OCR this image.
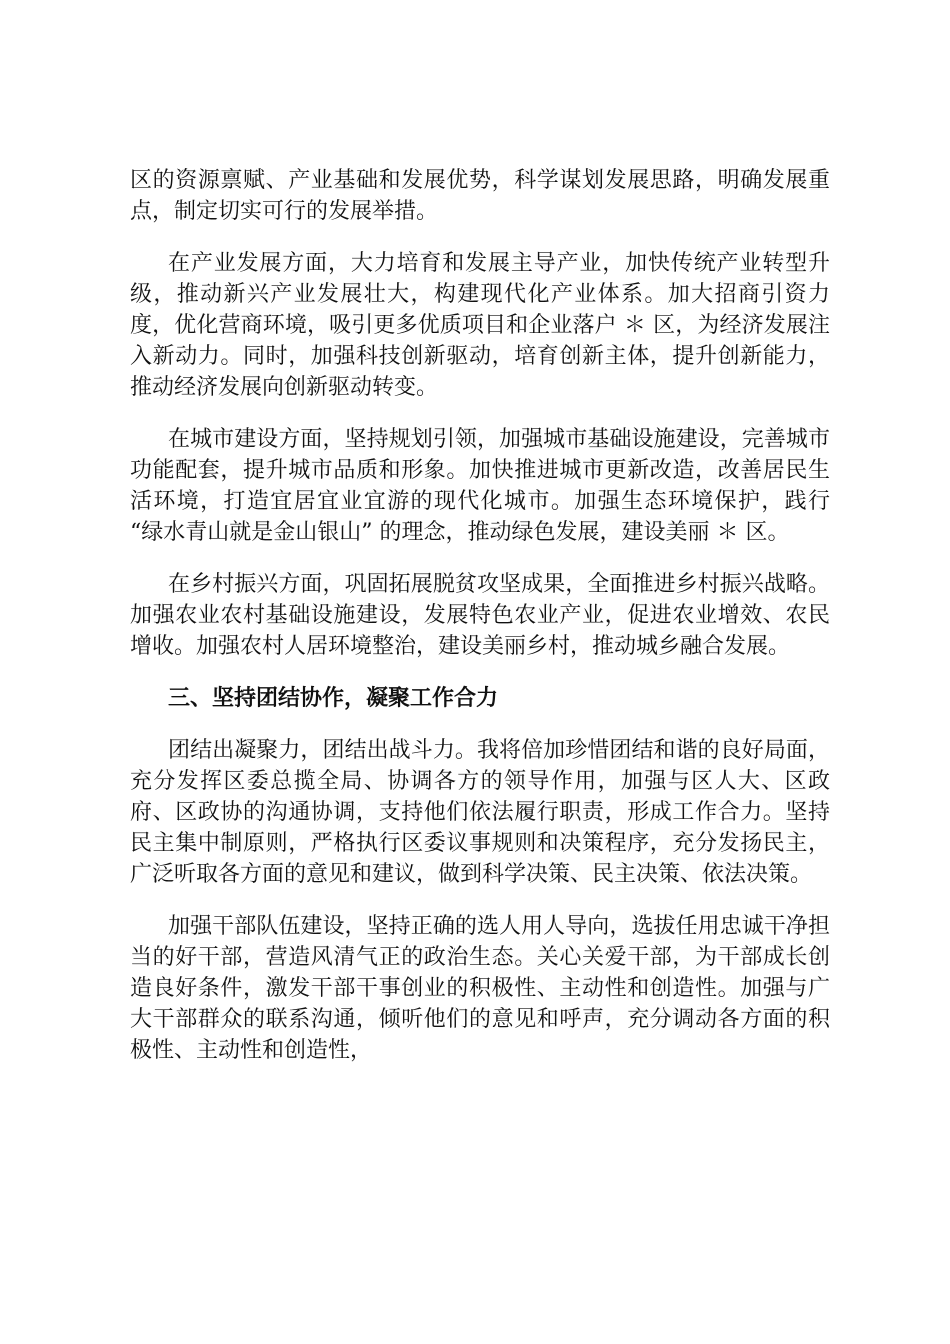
区的资源禀赋、产业基础和发展优势，科学谋划发展思路，明确发展重点，制定切实可行的发展举措。

在产业发展方面，大力培育和发展主导产业，加快传统产业转型升级，推动新兴产业发展壮大，构建现代化产业体系。加大招商引资力度，优化营商环境，吸引更多优质项目和企业落户 ＊ 区，为经济发展注入新动力。同时，加强科技创新驱动，培育创新主体，提升创新能力，推动经济发展向创新驱动转变。

在城市建设方面，坚持规划引领，加强城市基础设施建设，完善城市功能配套，提升城市品质和形象。加快推进城市更新改造，改善居民生活环境，打造宜居宜业宜游的现代化城市。加强生态环境保护，践行 “绿水青山就是金山银山” 的理念，推动绿色发展，建设美丽 ＊ 区。

在乡村振兴方面，巩固拓展脱贫攻坚成果，全面推进乡村振兴战略。加强农业农村基础设施建设，发展特色农业产业，促进农业增效、农民增收。加强农村人居环境整治，建设美丽乡村，推动城乡融合发展。

三、坚持团结协作，凝聚工作合力

团结出凝聚力，团结出战斗力。我将倍加珍惜团结和谐的良好局面，充分发挥区委总揽全局、协调各方的领导作用，加强与区人大、区政府、区政协的沟通协调，支持他们依法履行职责，形成工作合力。坚持民主集中制原则，严格执行区委议事规则和决策程序，充分发扬民主，广泛听取各方面的意见和建议，做到科学决策、民主决策、依法决策。

加强干部队伍建设，坚持正确的选人用人导向，选拔任用忠诚干净担当的好干部，营造风清气正的政治生态。关心关爱干部，为干部成长创造良好条件，激发干部干事创业的积极性、主动性和创造性。加强与广大干部群众的联系沟通，倾听他们的意见和呼声，充分调动各方面的积极性、主动性和创造性，
